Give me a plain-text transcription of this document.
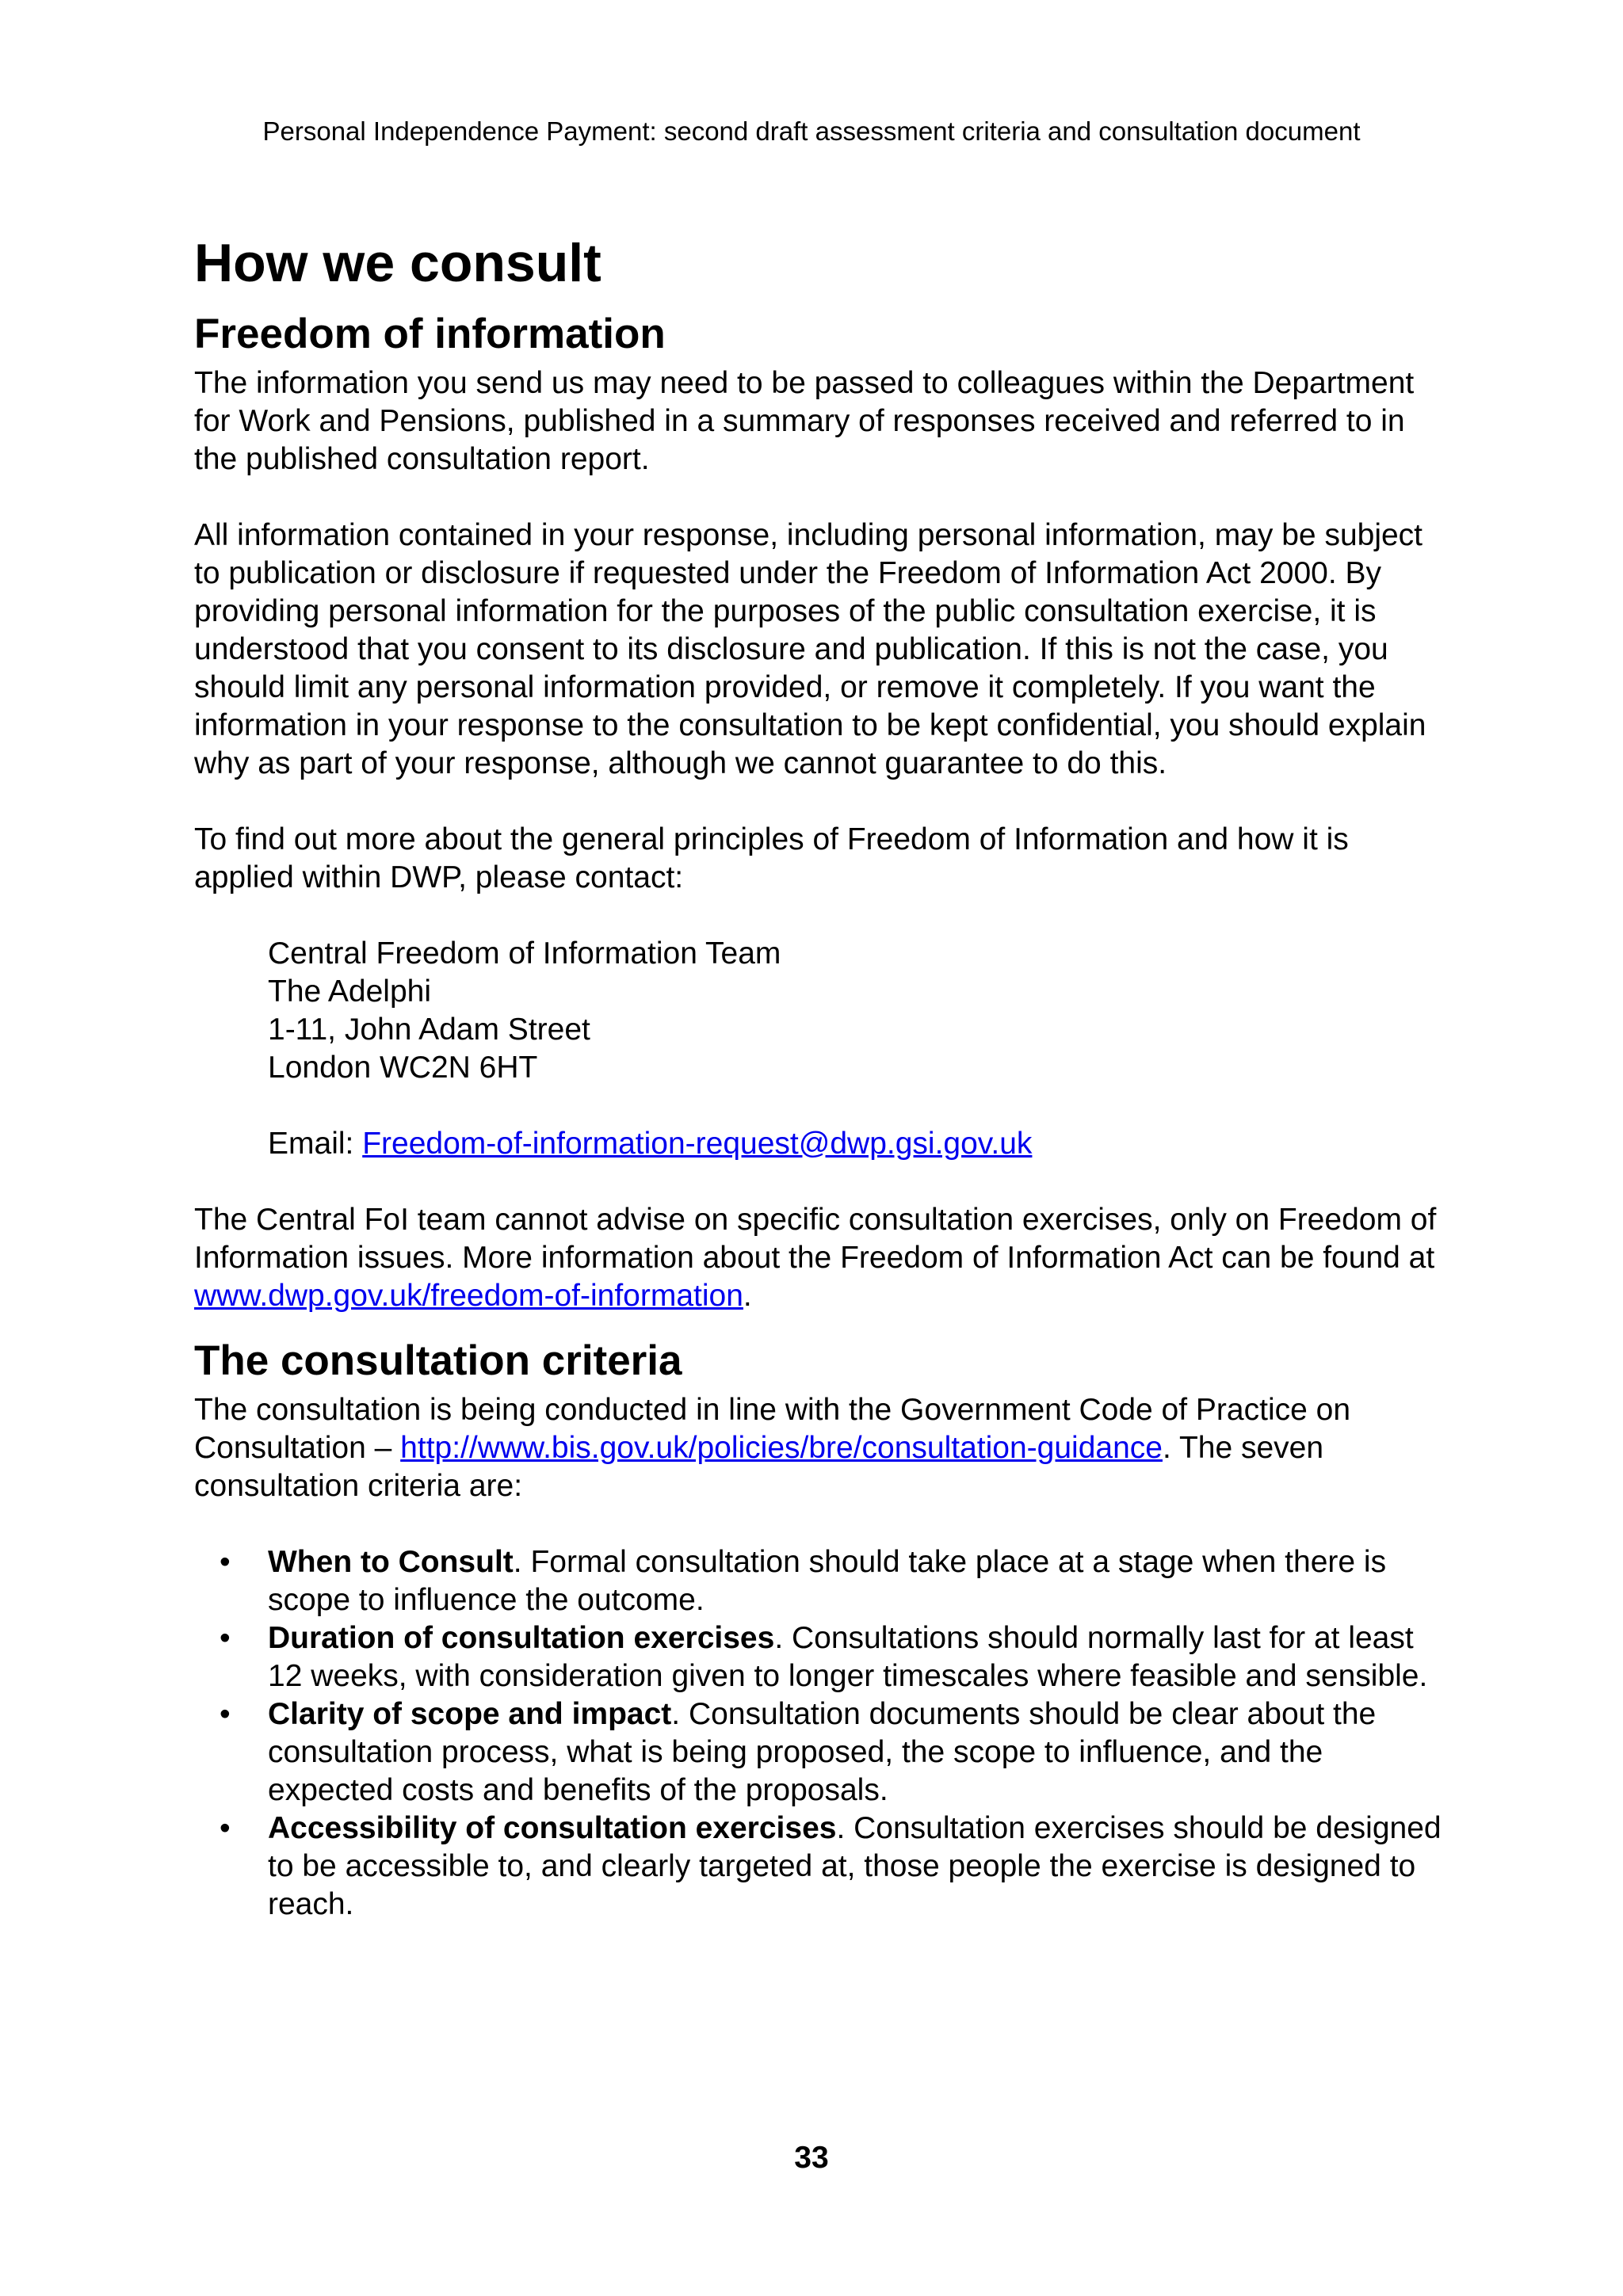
Personal Independence Payment: second draft assessment criteria and consultation document
How we consult
Freedom of information

The information you send us may need to be passed to colleagues within the Department for Work and Pensions, published in a summary of responses received and referred to in the published consultation report.

All information contained in your response, including personal information, may be subject to publication or disclosure if requested under the Freedom of Information Act 2000. By providing personal information for the purposes of the public consultation exercise, it is understood that you consent to its disclosure and publication. If this is not the case, you should limit any personal information provided, or remove it completely. If you want the information in your response to the consultation to be kept confidential, you should explain why as part of your response, although we cannot guarantee to do this.

To find out more about the general principles of Freedom of Information and how it is applied within DWP, please contact:

Central Freedom of Information Team

The Adelphi

1-11, John Adam Street

London WC2N 6HT

Email: Freedom-of-information-request@dwp.gsi.gov.uk

The Central FoI team cannot advise on specific consultation exercises, only on Freedom of Information issues. More information about the Freedom of Information Act can be found at www.dwp.gov.uk/freedom-of-information.

The consultation criteria

The consultation is being conducted in line with the Government Code of Practice on Consultation – http://www.bis.gov.uk/policies/bre/consultation-guidance. The seven consultation criteria are:

• When to Consult. Formal consultation should take place at a stage when there is scope to influence the outcome.
• Duration of consultation exercises. Consultations should normally last for at least 12 weeks, with consideration given to longer timescales where feasible and sensible.
• Clarity of scope and impact. Consultation documents should be clear about the consultation process, what is being proposed, the scope to influence, and the expected costs and benefits of the proposals.
• Accessibility of consultation exercises. Consultation exercises should be designed to be accessible to, and clearly targeted at, those people the exercise is designed to reach.
33
